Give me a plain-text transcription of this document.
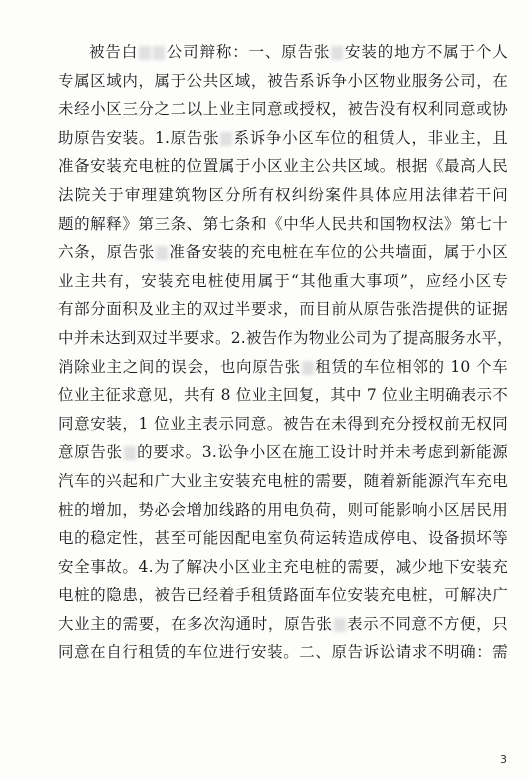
被告白 公司辩称：一、原告张 安装的地方不属于个人
专属区域内，属于公共区域，被告系诉争小区物业服务公司，在
未经小区三分之二以上业主同意或授权，被告没有权利同意或协
助原告安装。1.原告张 系诉争小区车位的租赁人，非业主，且
准备安装充电桩的位置属于小区业主公共区域。根据《最高人民
法院关于审理建筑物区分所有权纠纷案件具体应用法律若干问
题的解释》第三条、第七条和《中华人民共和国物权法》第七十
六条，原告张 准备安装的充电桩在车位的公共墙面，属于小区
业主共有，安装充电桩使用属于“其他重大事项”，应经小区专
有部分面积及业主的双过半要求，而目前从原告张浩提供的证据
中并未达到双过半要求。2.被告作为物业公司为了提高服务水平，
消除业主之间的误会，也向原告张 租赁的车位相邻的 10 个车
位业主征求意见，共有 8 位业主回复，其中 7 位业主明确表示不
同意安装，1 位业主表示同意。被告在未得到充分授权前无权同
意原告张 的要求。3.讼争小区在施工设计时并未考虑到新能源
汽车的兴起和广大业主安装充电桩的需要，随着新能源汽车充电
桩的增加，势必会增加线路的用电负荷，则可能影响小区居民用
电的稳定性，甚至可能因配电室负荷运转造成停电、设备损坏等
安全事故。4.为了解决小区业主充电桩的需要，减少地下安装充
电桩的隐患，被告已经着手租赁路面车位安装充电桩，可解决广
大业主的需要，在多次沟通时，原告张 表示不同意不方便，只
同意在自行租赁的车位进行安装。二、原告诉讼请求不明确：需
3
